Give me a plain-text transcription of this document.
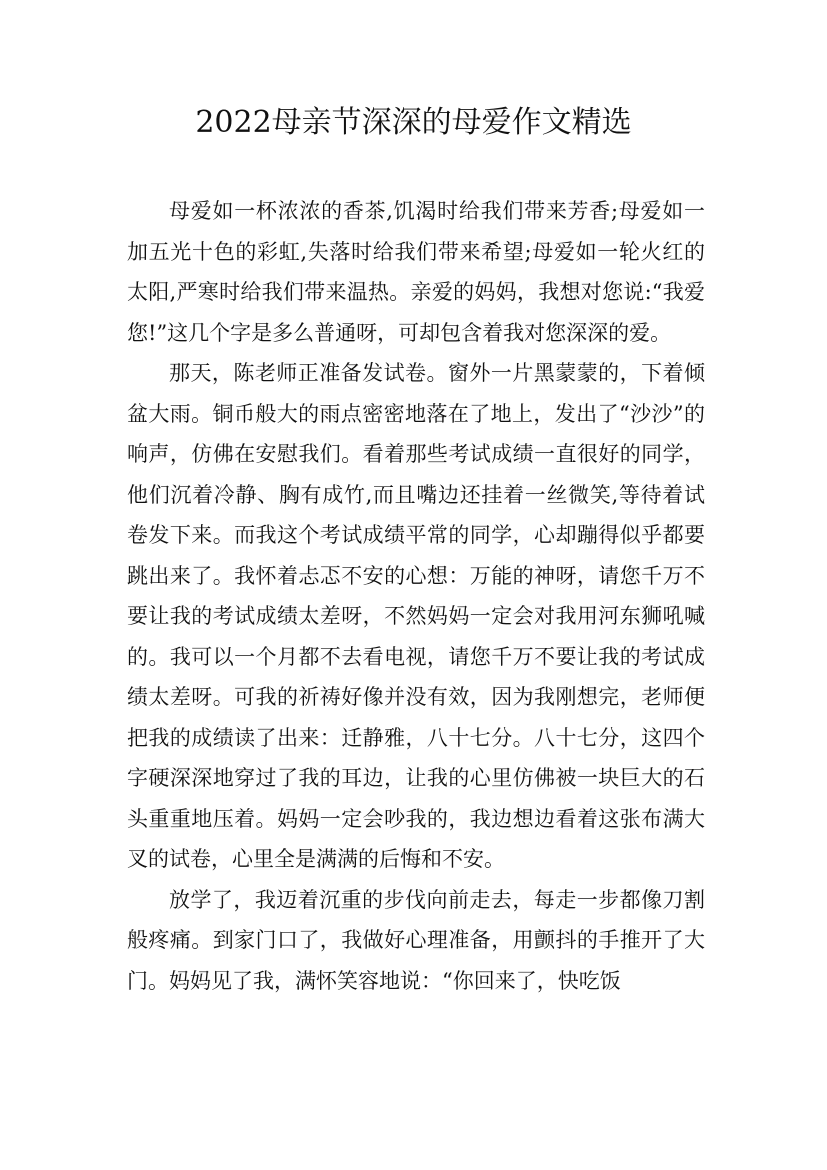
2022母亲节深深的母爱作文精选

母爱如一杯浓浓的香茶,饥渴时给我们带来芳香;母爱如一加五光十色的彩虹,失落时给我们带来希望;母爱如一轮火红的太阳,严寒时给我们带来温热。亲爱的妈妈，我想对您说:“我爱您!”这几个字是多么普通呀，可却包含着我对您深深的爱。

那天，陈老师正准备发试卷。窗外一片黑蒙蒙的，下着倾盆大雨。铜币般大的雨点密密地落在了地上，发出了“沙沙”的响声，仿佛在安慰我们。看着那些考试成绩一直很好的同学，他们沉着冷静、胸有成竹,而且嘴边还挂着一丝微笑,等待着试卷发下来。而我这个考试成绩平常的同学，心却蹦得似乎都要跳出来了。我怀着忐忑不安的心想：万能的神呀，请您千万不要让我的考试成绩太差呀，不然妈妈一定会对我用河东狮吼喊的。我可以一个月都不去看电视，请您千万不要让我的考试成绩太差呀。可我的祈祷好像并没有效，因为我刚想完，老师便把我的成绩读了出来：迁静雅，八十七分。八十七分，这四个字硬深深地穿过了我的耳边，让我的心里仿佛被一块巨大的石头重重地压着。妈妈一定会吵我的，我边想边看着这张布满大叉的试卷，心里全是满满的后悔和不安。

放学了，我迈着沉重的步伐向前走去，每走一步都像刀割般疼痛。到家门口了，我做好心理准备，用颤抖的手推开了大门。妈妈见了我，满怀笑容地说：“你回来了，快吃饭
